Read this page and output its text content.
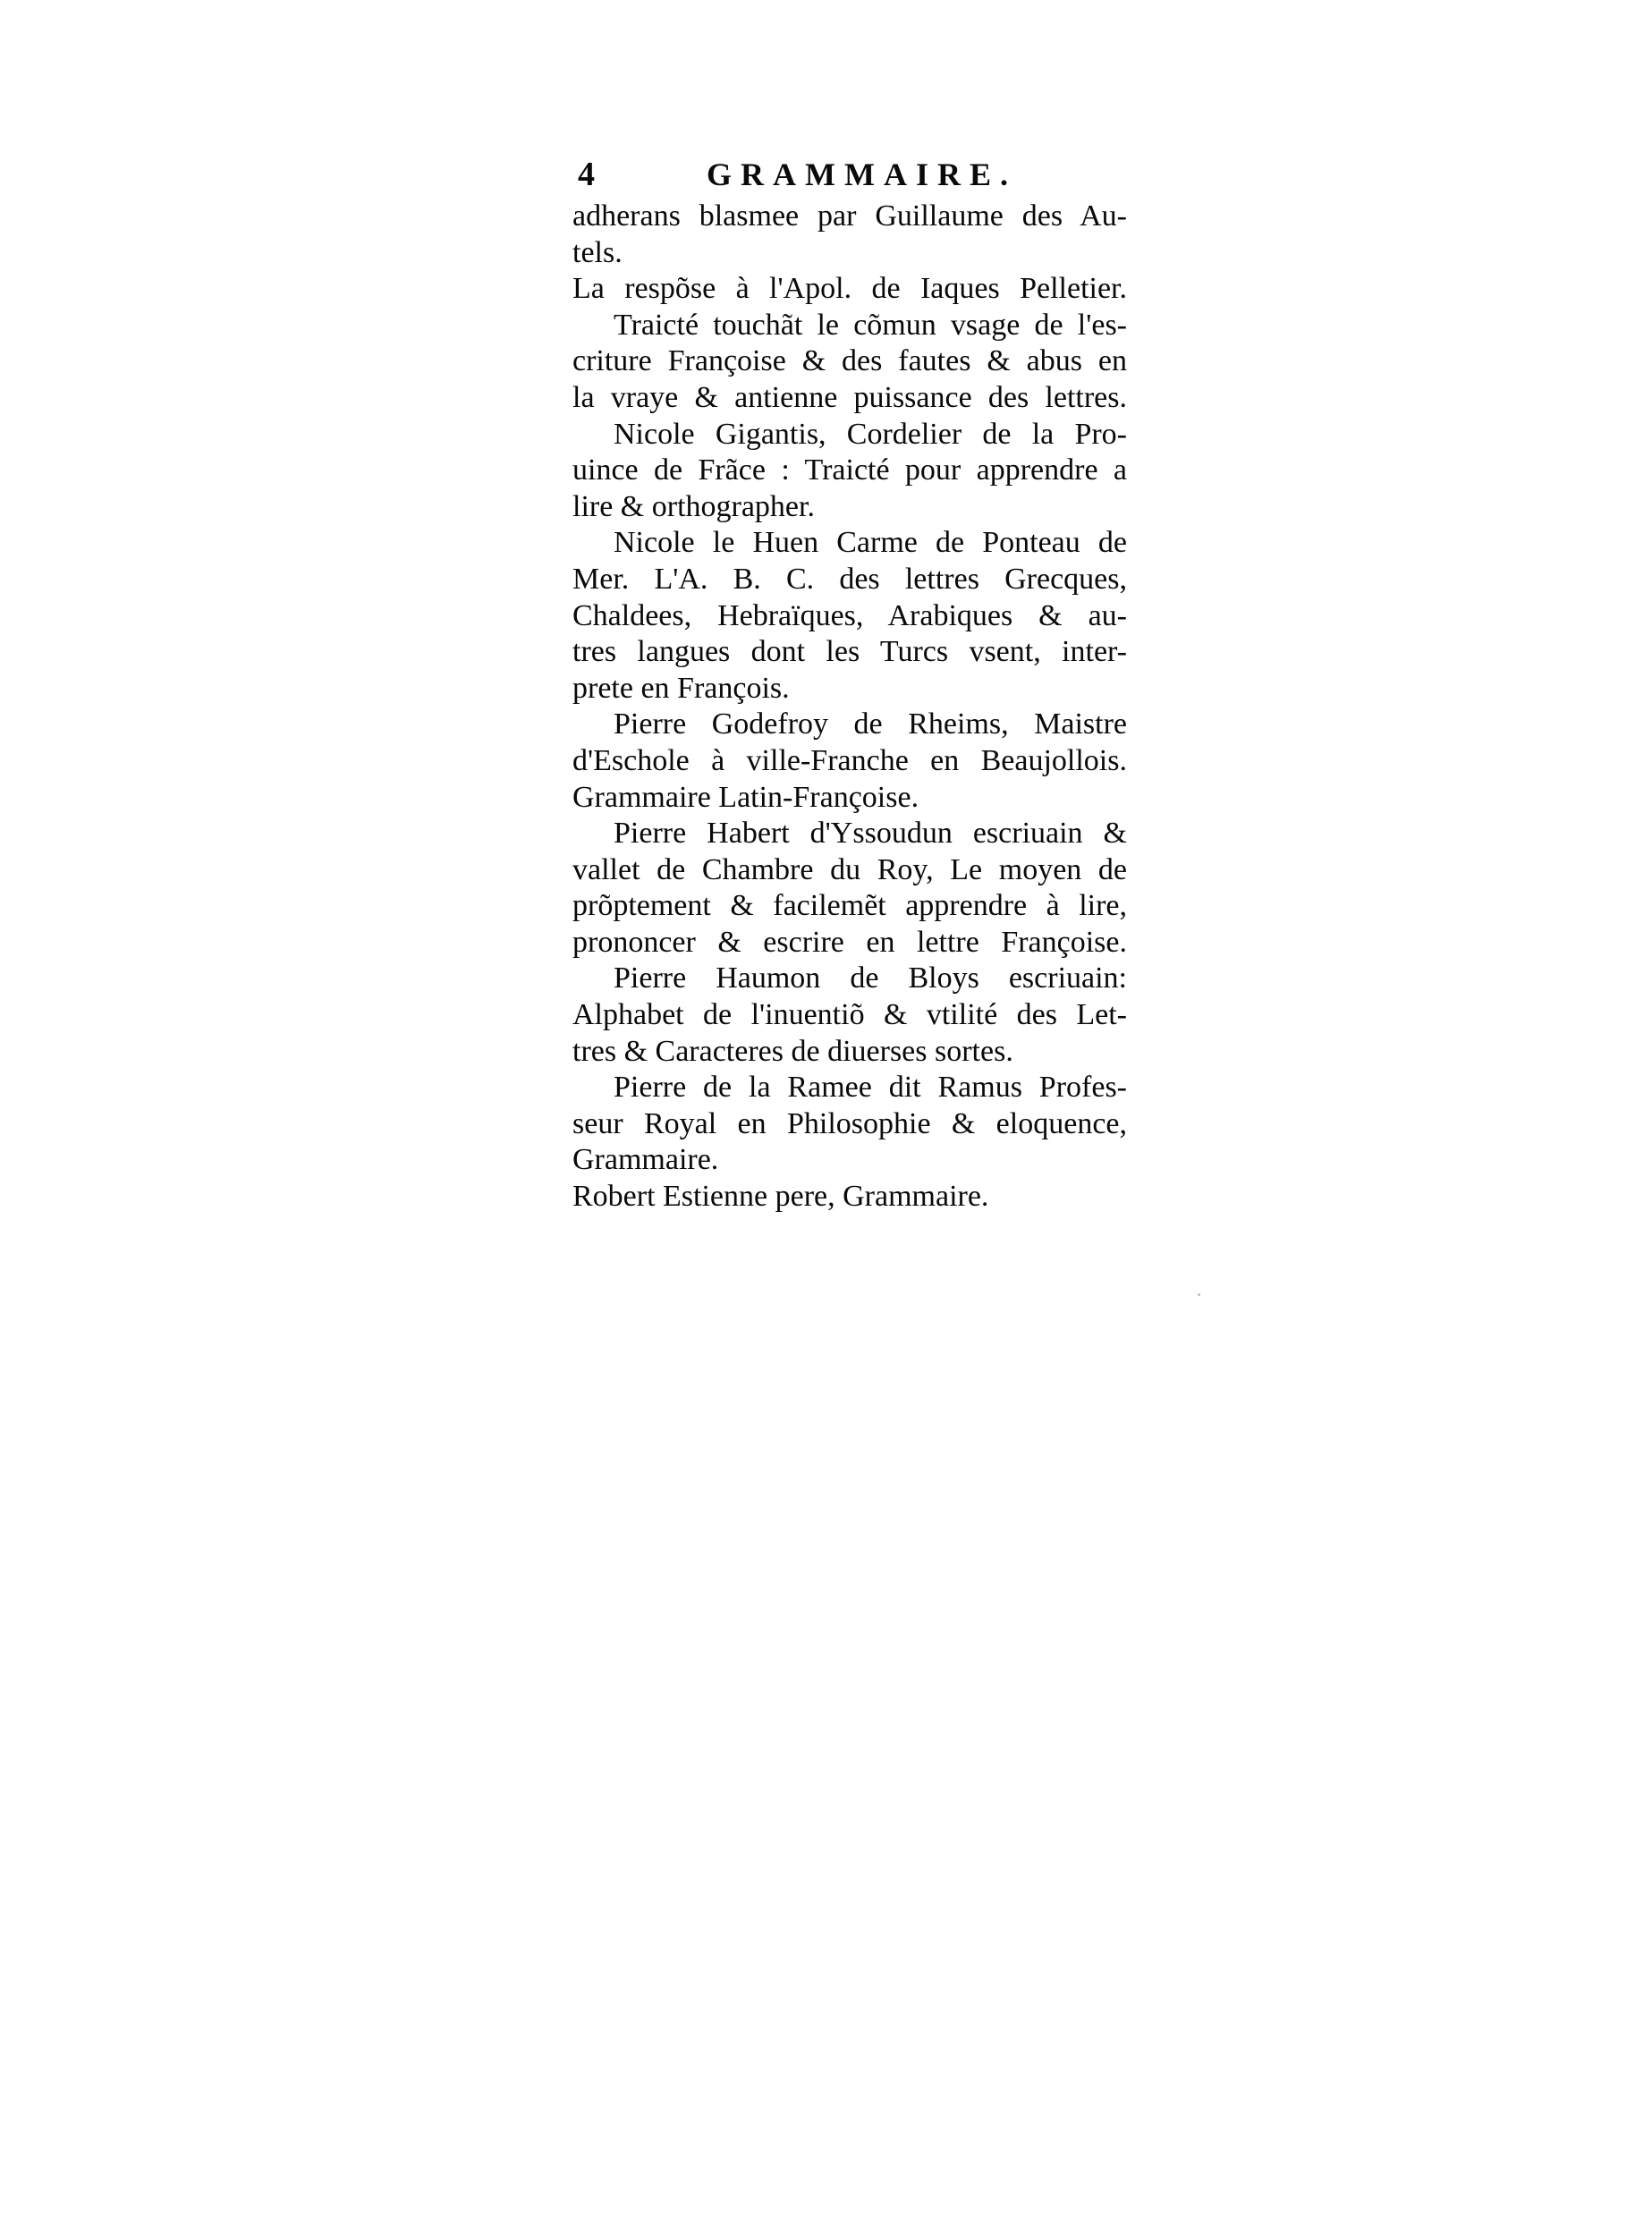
4	GRAMMAIRE.
adherans blasmee par Guillaume des Au-
tels.
La respõse à l'Apol. de Iaques Pelletier.
Traicté touchãt le cõmun vsage de l'es-
criture Françoise & des fautes & abus en
la vraye & antienne puissance des lettres.
Nicole Gigantis, Cordelier de la Pro-
uince de Frãce : Traicté pour apprendre a
lire & orthographer.
Nicole le Huen Carme de Ponteau de
Mer. L'A. B. C. des lettres Grecques,
Chaldees, Hebraïques, Arabiques & au-
tres langues dont les Turcs vsent, inter-
prete en François.
Pierre Godefroy de Rheims, Maistre
d'Eschole à ville-Franche en Beaujollois.
Grammaire Latin-Françoise.
Pierre Habert d'Yssoudun escriuain &
vallet de Chambre du Roy, Le moyen de
prõptement & facilemẽt apprendre à lire,
prononcer & escrire en lettre Françoise.
Pierre Haumon de Bloys escriuain:
Alphabet de l'inuentiõ & vtilité des Let-
tres & Caracteres de diuerses sortes.
Pierre de la Ramee dit Ramus Profes-
seur Royal en Philosophie & eloquence,
Grammaire.
Robert Estienne pere, Grammaire.
